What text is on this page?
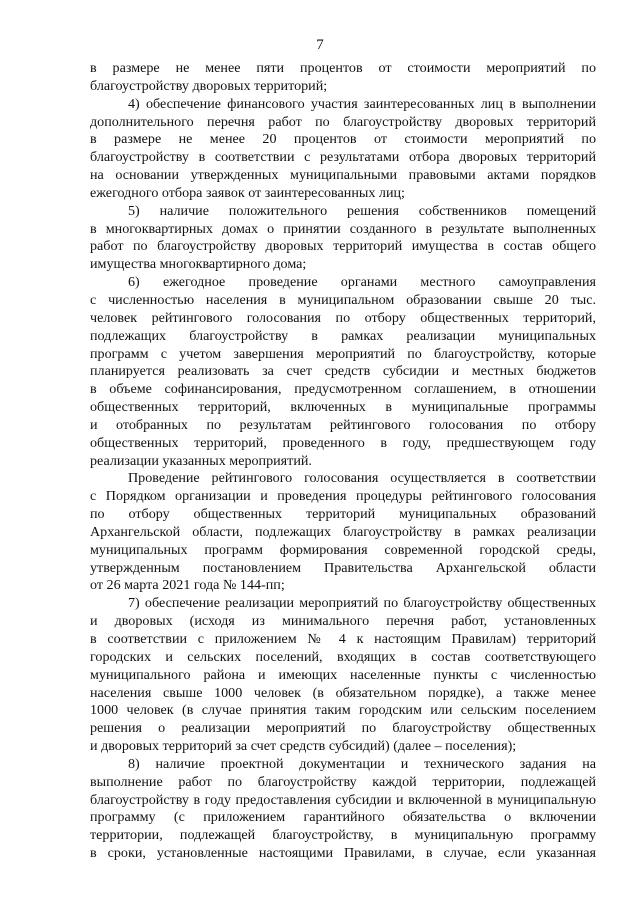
7
в размере не менее пяти процентов от стоимости мероприятий по
благоустройству дворовых территорий;
4) обеспечение финансового участия заинтересованных лиц в выполнении
дополнительного перечня работ по благоустройству дворовых территорий
в размере не менее 20 процентов от стоимости мероприятий по
благоустройству в соответствии с результатами отбора дворовых территорий
на основании утвержденных муниципальными правовыми актами порядков
ежегодного отбора заявок от заинтересованных лиц;
5) наличие положительного решения собственников помещений
в многоквартирных домах о принятии созданного в результате выполненных
работ по благоустройству дворовых территорий имущества в состав общего
имущества многоквартирного дома;
6) ежегодное проведение органами местного самоуправления
с численностью населения в муниципальном образовании свыше 20 тыс.
человек рейтингового голосования по отбору общественных территорий,
подлежащих благоустройству в рамках реализации муниципальных
программ с учетом завершения мероприятий по благоустройству, которые
планируется реализовать за счет средств субсидии и местных бюджетов
в объеме софинансирования, предусмотренном соглашением, в отношении
общественных территорий, включенных в муниципальные программы
и отобранных по результатам рейтингового голосования по отбору
общественных территорий, проведенного в году, предшествующем году
реализации указанных мероприятий.
Проведение рейтингового голосования осуществляется в соответствии
с Порядком организации и проведения процедуры рейтингового голосования
по отбору общественных территорий муниципальных образований
Архангельской области, подлежащих благоустройству в рамках реализации
муниципальных программ формирования современной городской среды,
утвержденным постановлением Правительства Архангельской области
от 26 марта 2021 года № 144-пп;
7) обеспечение реализации мероприятий по благоустройству общественных
и дворовых (исходя из минимального перечня работ, установленных
в соответствии с приложением № 4 к настоящим Правилам) территорий
городских и сельских поселений, входящих в состав соответствующего
муниципального района и имеющих населенные пункты с численностью
населения свыше 1000 человек (в обязательном порядке), а также менее
1000 человек (в случае принятия таким городским или сельским поселением
решения о реализации мероприятий по благоустройству общественных
и дворовых территорий за счет средств субсидий) (далее – поселения);
8) наличие проектной документации и технического задания на
выполнение работ по благоустройству каждой территории, подлежащей
благоустройству в году предоставления субсидии и включенной в муниципальную
программу (с приложением гарантийного обязательства о включении
территории, подлежащей благоустройству, в муниципальную программу
в сроки, установленные настоящими Правилами, в случае, если указанная
